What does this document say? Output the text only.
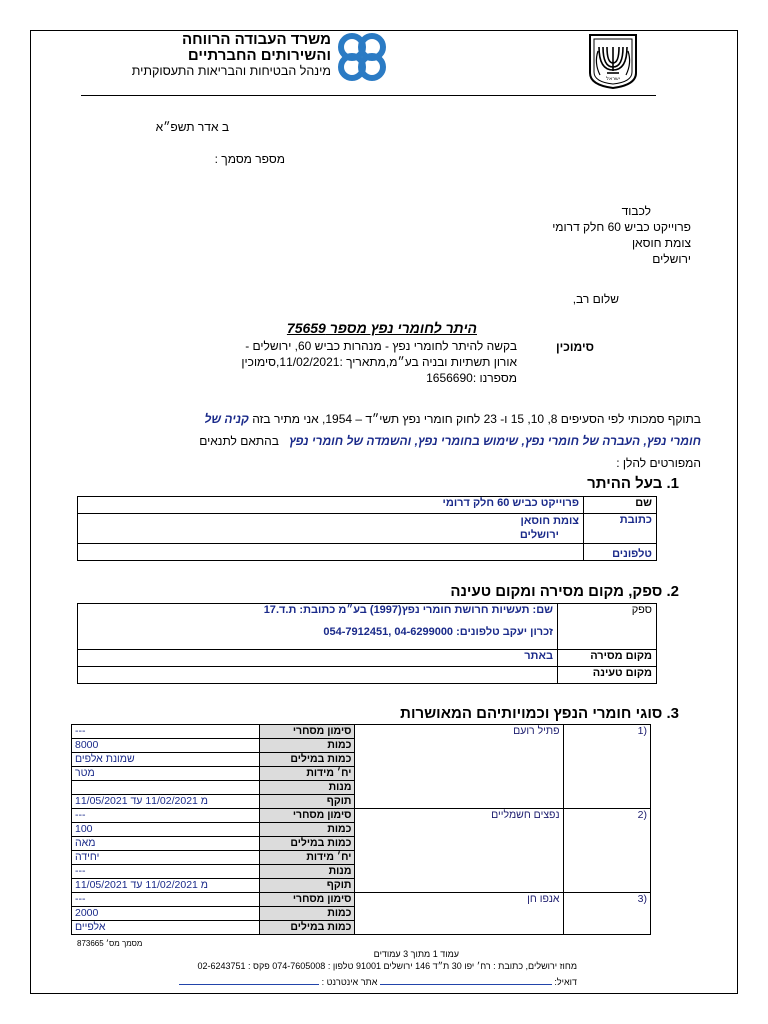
ישראל
משרד העבודה הרווחה
והשירותים החברתיים
מינהל הבטיחות והבריאות התעסוקתית
ב אדר תשפ״א
מספר מסמך :
לכבוד
פרוייקט כביש 60 חלק דרומי
צומת חוסאן
ירושלים
שלום רב,
היתר לחומרי נפץ מספר 75659
סימוכין
בקשה להיתר לחומרי נפץ - מנהרות כביש 60, ירושלים -
אורון תשתיות ובניה בע״מ,מתאריך :11/02/2021,סימוכין
מספרנו :1656690
בתוקף סמכותי לפי הסעיפים 8, 10, 15 ו- 23 לחוק חומרי נפץ תשי״ד – 1954, אני מתיר בזה קניה של
חומרי נפץ, העברה של חומרי נפץ, שימוש בחומרי נפץ, והשמדה של חומרי נפץ   בהתאם לתנאים
המפורטים להלן :
1. בעל ההיתר
שם	פרוייקט כביש 60 חלק דרומי
כתובת	צומת חוסאן
ירושלים

טלפונים	
2. ספק, מקום מסירה ומקום טעינה
ספק	שם: תעשיות חרושת חומרי נפץ(1997) בע״מ כתובת: ת.ד.17
זכרון יעקב טלפונים: 04-6299000 ,054-7912451

מקום מסירה	באתר
מקום טעינה	
3. סוגי חומרי הנפץ וכמויותיהם המאושרות
---	סימון מסחרי	פתיל רועם	1)
8000	כמות		
שמונת אלפים	כמות במילים		
מטר	יח׳ מידות		
	מנות		
מ 11/02/2021 עד 11/05/2021	תוקף		
---	סימון מסחרי	נפצים חשמליים	2)
100	כמות		
מאה	כמות במילים		
יחידה	יח׳ מידות		
---	מנות		
מ 11/02/2021 עד 11/05/2021	תוקף		
---	סימון מסחרי	אנפו חן	3)
2000	כמות		
אלפיים	כמות במילים		
מסמך מס׳ 873665
עמוד 1 מתוך 3 עמודים
מחוז ירושלים, כתובת : רח׳ יפו 30 ת״ד 146 ירושלים 91001 טלפון : 074-7605008 פקס : 02-6243751
דואיל:  אתר אינטרנט :
